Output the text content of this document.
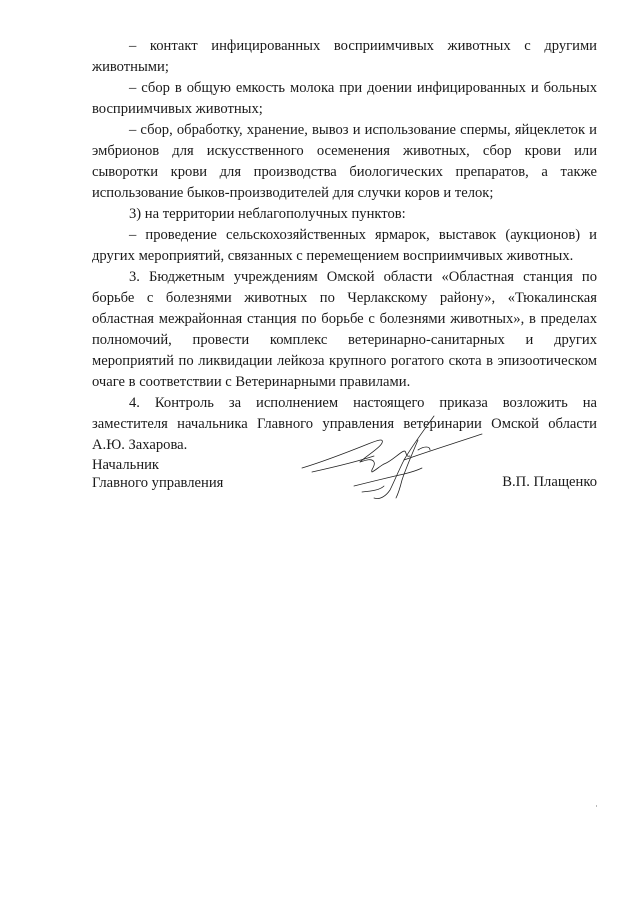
– контакт инфицированных восприимчивых животных с другими животными;

– сбор в общую емкость молока при доении инфицированных и больных восприимчивых животных;

– сбор, обработку, хранение, вывоз и использование спермы, яйцеклеток и эмбрионов для искусственного осеменения животных, сбор крови или сыворотки крови для производства биологических препаратов, а также использование быков-производителей для случки коров и телок;

3) на территории неблагополучных пунктов:

– проведение сельскохозяйственных ярмарок, выставок (аукционов) и других мероприятий, связанных с перемещением восприимчивых животных.

3. Бюджетным учреждениям Омской области «Областная станция по борьбе с болезнями животных по Черлакскому району», «Тюкалинская областная межрайонная станция по борьбе с болезнями животных», в пределах полномочий, провести комплекс ветеринарно-санитарных и других мероприятий по ликвидации лейкоза крупного рогатого скота в эпизоотическом очаге в соответствии с Ветеринарными правилами.

4. Контроль за исполнением настоящего приказа возложить на заместителя начальника Главного управления ветеринарии Омской области А.Ю. Захарова.

Начальник
Главного управления	В.П. Плащенко
